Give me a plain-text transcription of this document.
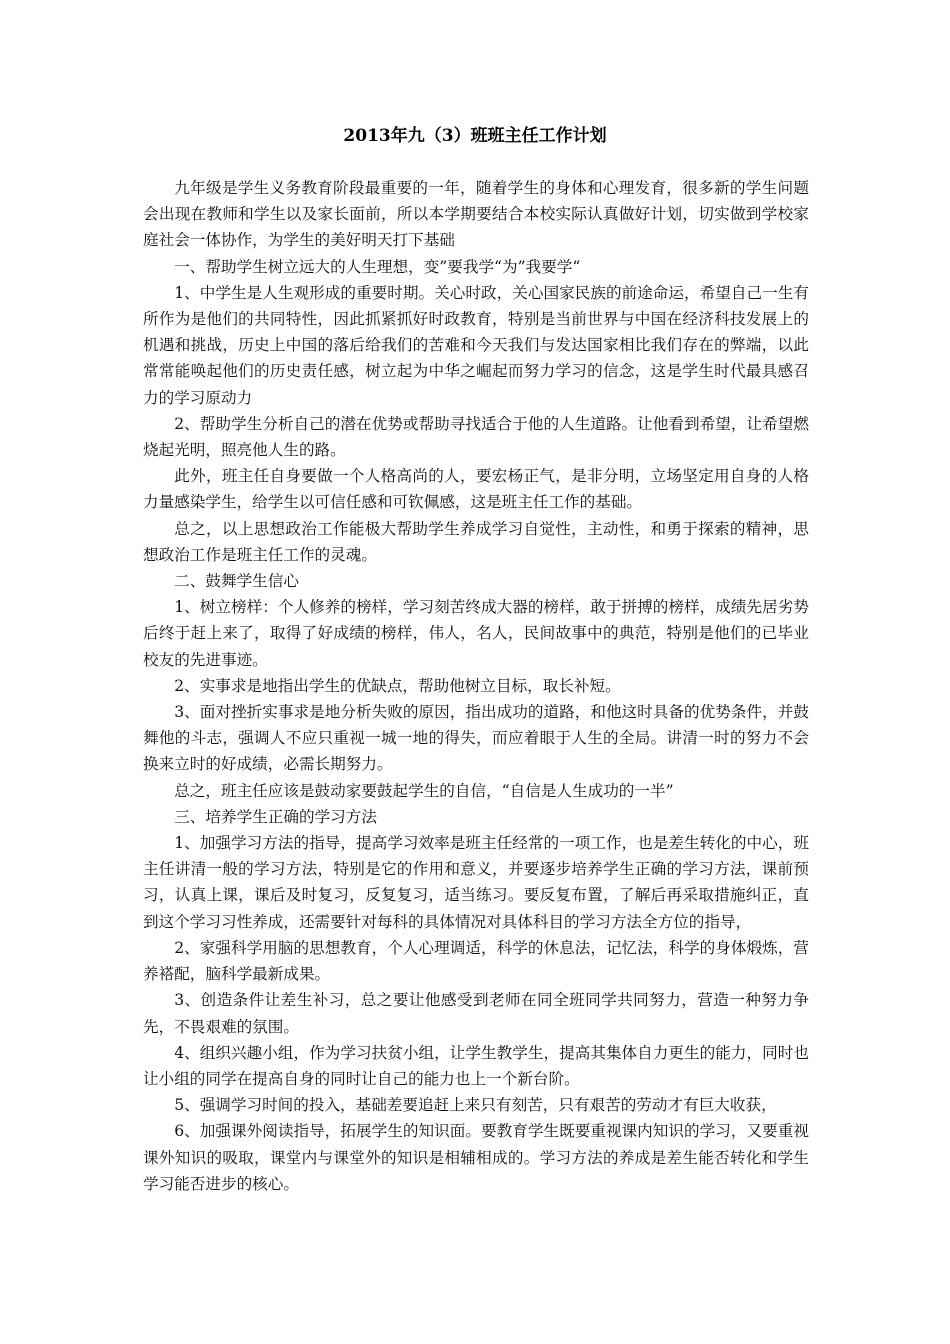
2013年九（3）班班主任工作计划

九年级是学生义务教育阶段最重要的一年，随着学生的身体和心理发育，很多新的学生问题会出现在教师和学生以及家长面前，所以本学期要结合本校实际认真做好计划，切实做到学校家庭社会一体协作，为学生的美好明天打下基础

一、帮助学生树立远大的人生理想，变”要我学“为”我要学“

1、中学生是人生观形成的重要时期。关心时政，关心国家民族的前途命运，希望自己一生有所作为是他们的共同特性，因此抓紧抓好时政教育，特别是当前世界与中国在经济科技发展上的机遇和挑战，历史上中国的落后给我们的苦难和今天我们与发达国家相比我们存在的弊端，以此常常能唤起他们的历史责任感，树立起为中华之崛起而努力学习的信念，这是学生时代最具感召力的学习原动力

2、帮助学生分析自己的潜在优势或帮助寻找适合于他的人生道路。让他看到希望，让希望燃烧起光明，照亮他人生的路。

此外，班主任自身要做一个人格高尚的人，要宏杨正气，是非分明，立场坚定用自身的人格力量感染学生，给学生以可信任感和可钦佩感，这是班主任工作的基础。

总之，以上思想政治工作能极大帮助学生养成学习自觉性，主动性，和勇于探索的精神，思想政治工作是班主任工作的灵魂。

二、鼓舞学生信心

1、树立榜样：个人修养的榜样，学习刻苦终成大器的榜样，敢于拼搏的榜样，成绩先居劣势后终于赶上来了，取得了好成绩的榜样，伟人，名人，民间故事中的典范，特别是他们的已毕业校友的先进事迹。

2、实事求是地指出学生的优缺点，帮助他树立目标，取长补短。

3、面对挫折实事求是地分析失败的原因，指出成功的道路，和他这时具备的优势条件，并鼓舞他的斗志，强调人不应只重视一城一地的得失，而应着眼于人生的全局。讲清一时的努力不会换来立时的好成绩，必需长期努力。

总之，班主任应该是鼓动家要鼓起学生的自信，“自信是人生成功的一半”

三、培养学生正确的学习方法

1、加强学习方法的指导，提高学习效率是班主任经常的一项工作，也是差生转化的中心，班主任讲清一般的学习方法，特别是它的作用和意义，并要逐步培养学生正确的学习方法，课前预习，认真上课，课后及时复习，反复复习，适当练习。要反复布置，了解后再采取措施纠正，直到这个学习习性养成，还需要针对每科的具体情况对具体科目的学习方法全方位的指导，

2、家强科学用脑的思想教育，个人心理调适，科学的休息法，记忆法，科学的身体煅炼，营养褡配，脑科学最新成果。

3、创造条件让差生补习，总之要让他感受到老师在同全班同学共同努力，营造一种努力争先，不畏艰难的氛围。

4、组织兴趣小组，作为学习扶贫小组，让学生教学生，提高其集体自力更生的能力，同时也让小组的同学在提高自身的同时让自己的能力也上一个新台阶。

5、强调学习时间的投入，基础差要追赶上来只有刻苦，只有艰苦的劳动才有巨大收获，

6、加强课外阅读指导，拓展学生的知识面。要教育学生既要重视课内知识的学习，又要重视课外知识的吸取，课堂内与课堂外的知识是相辅相成的。学习方法的养成是差生能否转化和学生学习能否进步的核心。
